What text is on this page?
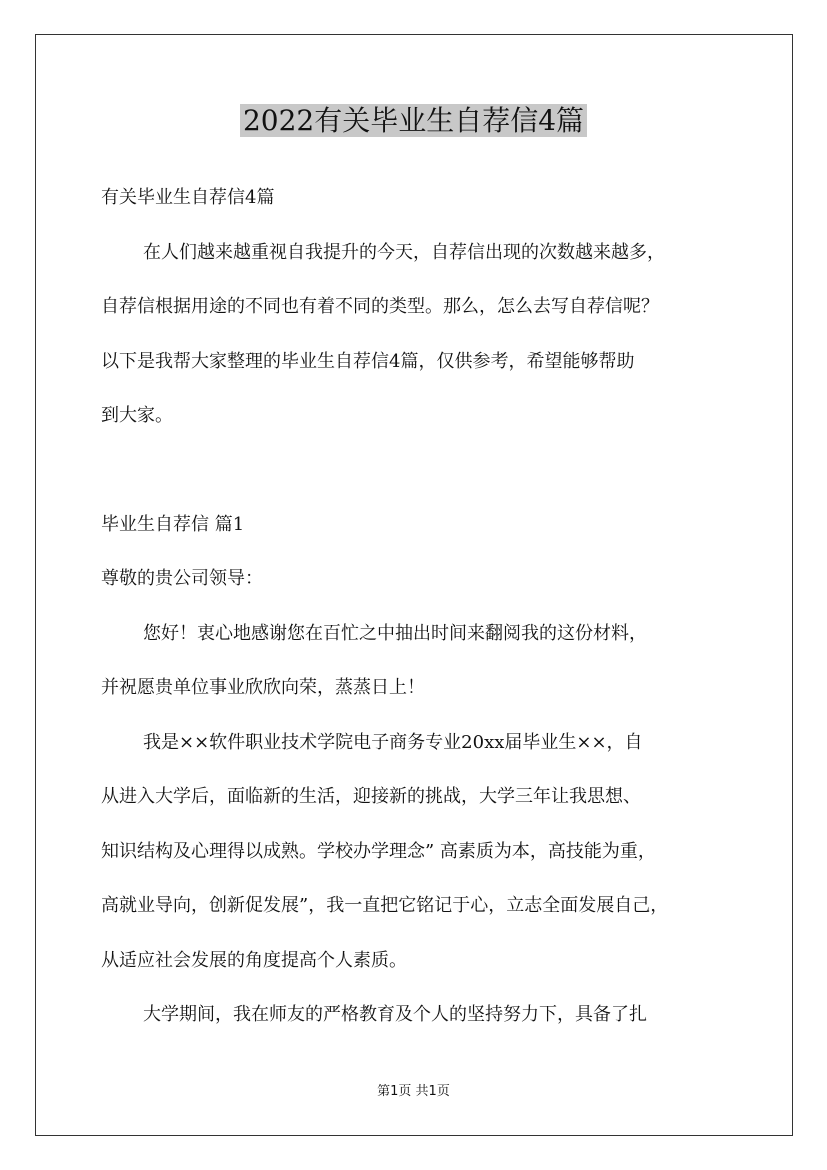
2022有关毕业生自荐信4篇

有关毕业生自荐信4篇

在人们越来越重视自我提升的今天，自荐信出现的次数越来越多，

自荐信根据用途的不同也有着不同的类型。那么，怎么去写自荐信呢？

以下是我帮大家整理的毕业生自荐信4篇，仅供参考，希望能够帮助

到大家。

毕业生自荐信 篇1

尊敬的贵公司领导：

您好！衷心地感谢您在百忙之中抽出时间来翻阅我的这份材料，

并祝愿贵单位事业欣欣向荣，蒸蒸日上！

我是××软件职业技术学院电子商务专业20xx届毕业生××，自

从进入大学后，面临新的生活，迎接新的挑战，大学三年让我思想、

知识结构及心理得以成熟。学校办学理念” 高素质为本，高技能为重，

高就业导向，创新促发展”，我一直把它铭记于心，立志全面发展自己，

从适应社会发展的角度提高个人素质。

大学期间，我在师友的严格教育及个人的坚持努力下，具备了扎

第1页 共1页
